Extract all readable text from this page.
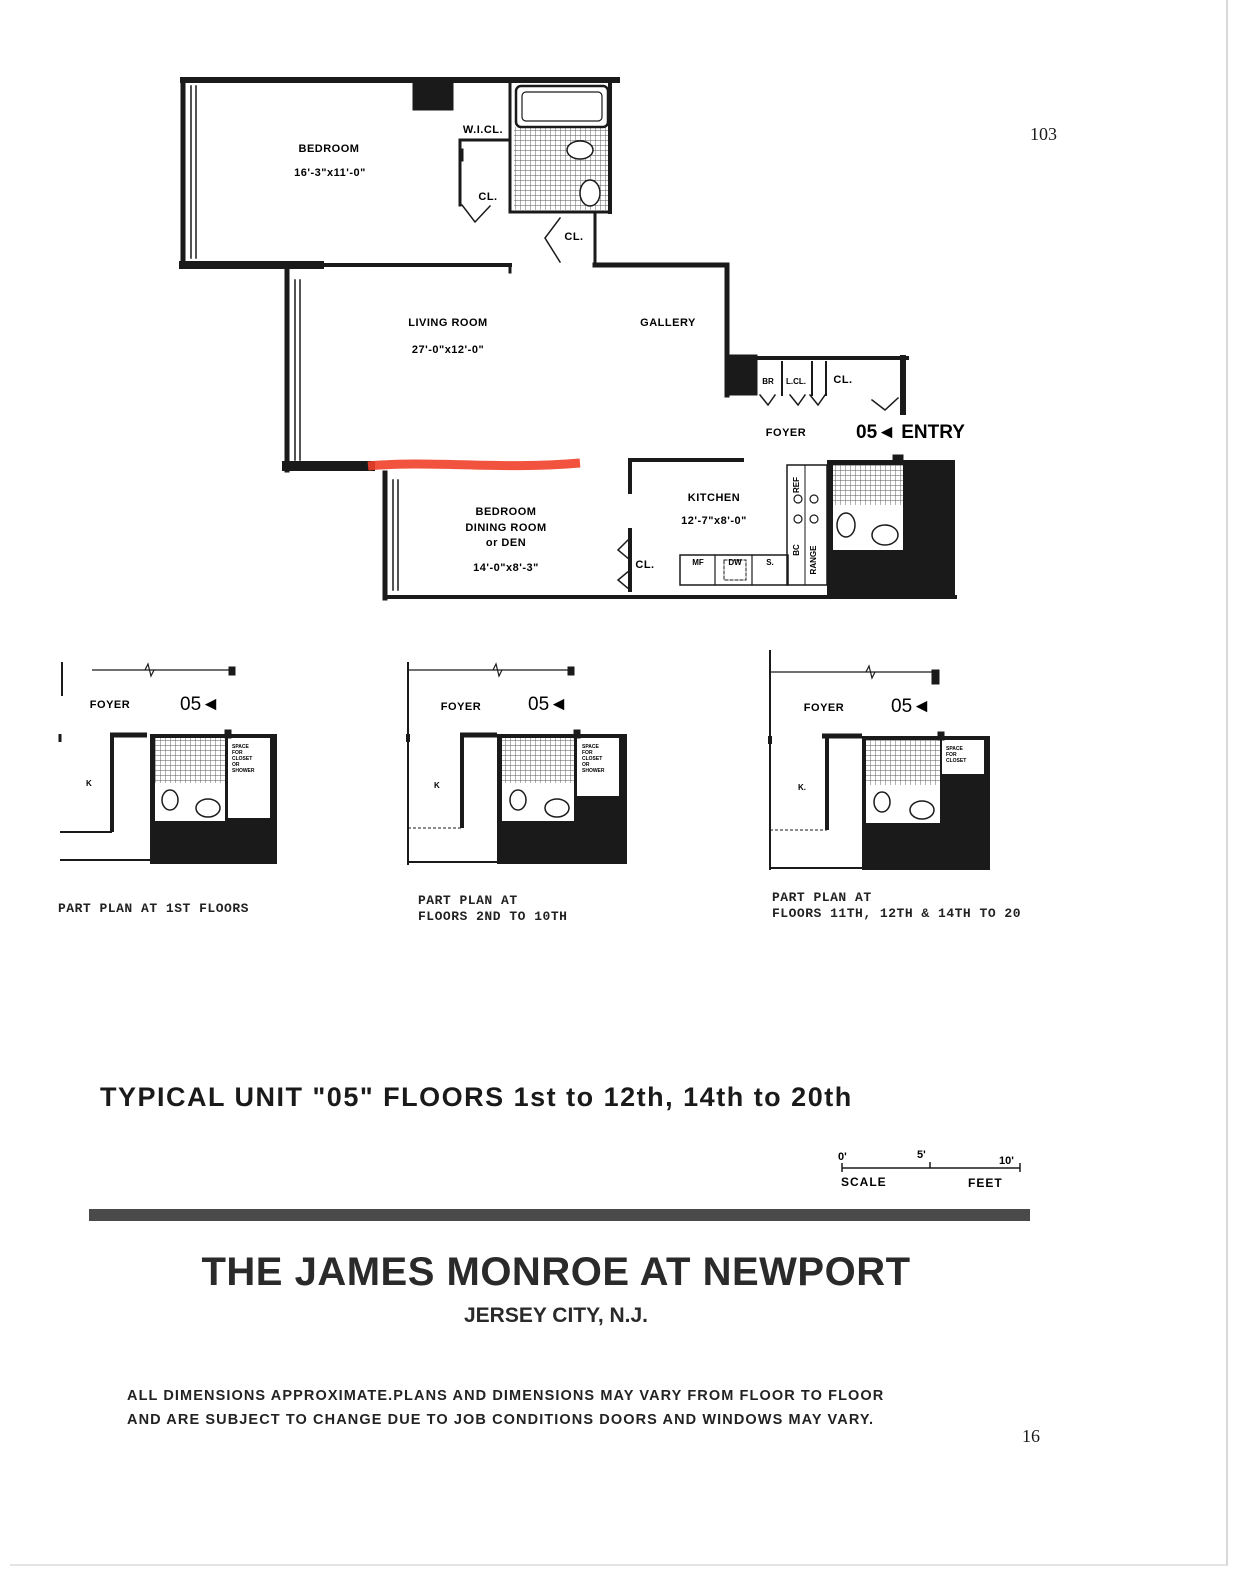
103
BEDROOM
16'-3"x11'-0"
W.I.CL.
CL.
CL.
LIVING ROOM
27'-0"x12'-0"
GALLERY
BR L.CL. CL.
FOYER	05◄ ENTRY
KITCHEN
12'-7"x8'-0"
BEDROOM
DINING ROOM
or DEN
14'-0"x8'-3"	CL.	MF	DW	S.
REF
BC RANGE
FOYER	05◄
K
SPACE
FOR
CLOSET
OR
SHOWER
FOYER 05◄
K
SPACE
FOR
CLOSET
OR
SHOWER
FOYER 05◄
K.
SPACE
FOR
CLOSET
PART PLAN AT 1ST FLOORS
PART PLAN AT
FLOORS 2ND TO 10TH
PART PLAN AT
FLOORS 11TH, 12TH & 14TH TO 20
TYPICAL UNIT "05" FLOORS 1st to 12th, 14th to 20th
0'	5'	10'
SCALE	FEET
THE JAMES MONROE AT NEWPORT
JERSEY CITY, N.J.
ALL DIMENSIONS APPROXIMATE.PLANS AND DIMENSIONS MAY VARY FROM FLOOR TO FLOOR
AND ARE SUBJECT TO CHANGE DUE TO JOB CONDITIONS DOORS AND WINDOWS MAY VARY.
16
